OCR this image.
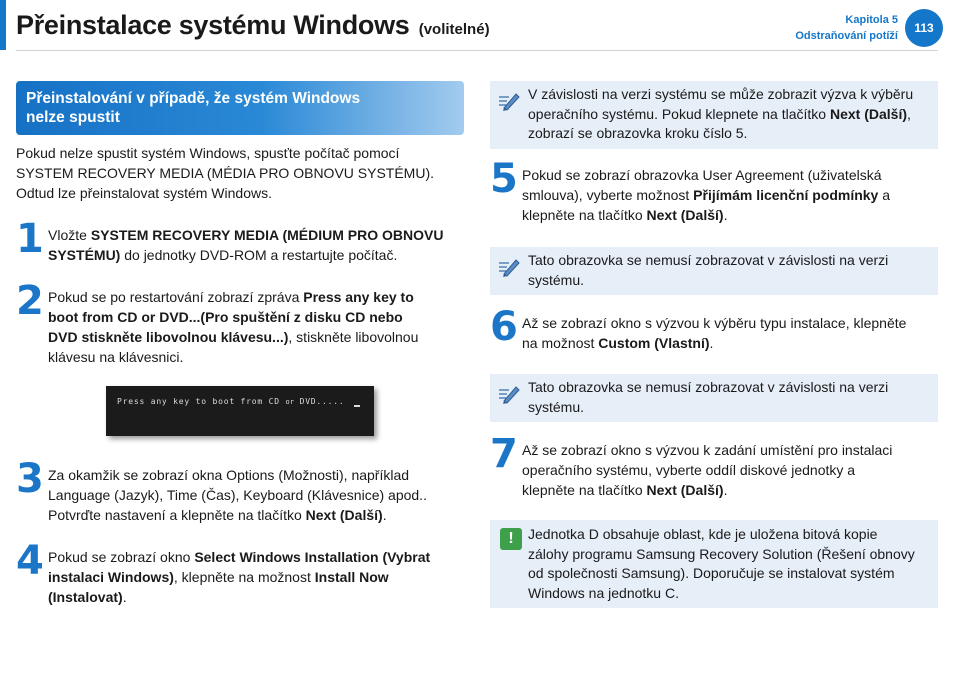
Přeinstalace systému Windows (volitelné)
Kapitola 5
Odstraňování potíží
113
Přeinstalování v případě, že systém Windows
nelze spustit
Pokud nelze spustit systém Windows, spusťte počítač pomocí
SYSTEM RECOVERY MEDIA (MÉDIA PRO OBNOVU SYSTÉMU).
Odtud lze přeinstalovat systém Windows.
1 Vložte SYSTEM RECOVERY MEDIA (MÉDIUM PRO OBNOVU
SYSTÉMU) do jednotky DVD-ROM a restartujte počítač.
2 Pokud se po restartování zobrazí zpráva Press any key to
boot from CD or DVD...(Pro spuštění z disku CD nebo
DVD stiskněte libovolnou klávesu...), stiskněte libovolnou
klávesu na klávesnici.
Press any key to boot from CD or DVD.....
3 Za okamžik se zobrazí okna Options (Možnosti), například
Language (Jazyk), Time (Čas), Keyboard (Klávesnice) apod..
Potvrďte nastavení a klepněte na tlačítko Next (Další).
4 Pokud se zobrazí okno Select Windows Installation (Vybrat
instalaci Windows), klepněte na možnost Install Now
(Instalovat).
V závislosti na verzi systému se může zobrazit výzva k výběru
operačního systému. Pokud klepnete na tlačítko Next (Další),
zobrazí se obrazovka kroku číslo 5.
5 Pokud se zobrazí obrazovka User Agreement (uživatelská
smlouva), vyberte možnost Přijímám licenční podmínky a
klepněte na tlačítko Next (Další).
Tato obrazovka se nemusí zobrazovat v závislosti na verzi
systému.
6 Až se zobrazí okno s výzvou k výběru typu instalace, klepněte
na možnost Custom (Vlastní).
Tato obrazovka se nemusí zobrazovat v závislosti na verzi
systému.
7 Až se zobrazí okno s výzvou k zadání umístění pro instalaci
operačního systému, vyberte oddíl diskové jednotky a
klepněte na tlačítko Next (Další).
!	Jednotka D obsahuje oblast, kde je uložena bitová kopie
zálohy programu Samsung Recovery Solution (Řešení obnovy
od společnosti Samsung). Doporučuje se instalovat systém
Windows na jednotku C.
